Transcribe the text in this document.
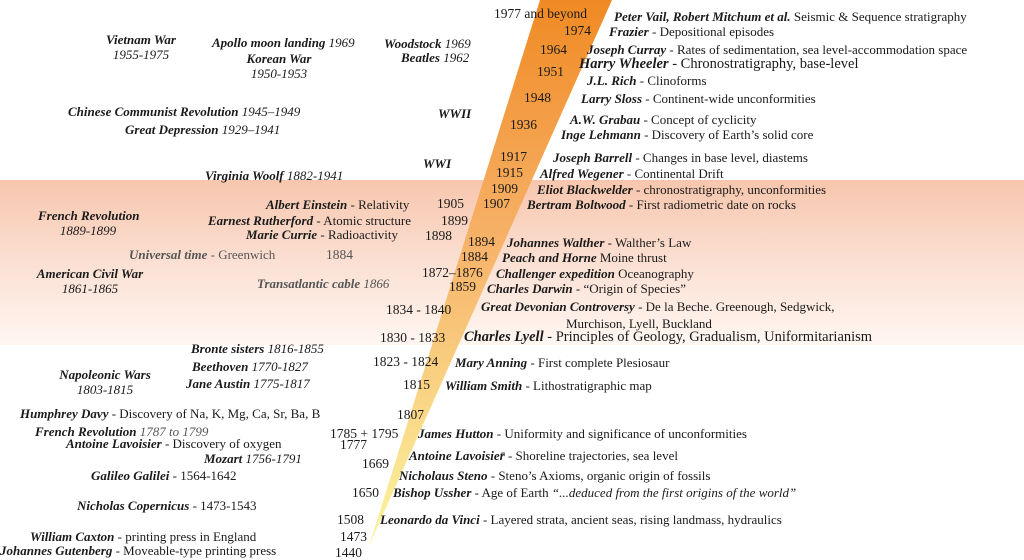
1977 and beyond
1974
1964
1951
1948
1936
1917
1915
1909
1907
1905
1899
1898 1894
1884
1884
1872–1876
1859
1834 - 1840
1830 - 1833
1823 - 1824
1815
1807
1785 + 1795
1777
1669
1650
1508
1473
1440
Peter Vail, Robert Mitchum et al. Seismic & Sequence stratigraphy
Frazier - Depositional episodes
Joseph Curray - Rates of sedimentation, sea level-accommodation space
Harry Wheeler - Chronostratigraphy, base-level
J.L. Rich - Clinoforms
Larry Sloss - Continent-wide unconformities
A.W. Grabau - Concept of cyclicity
Inge Lehmann - Discovery of Earth’s solid core
Joseph Barrell - Changes in base level, diastems
Alfred Wegener - Continental Drift
Eliot Blackwelder - chronostratigraphy, unconformities
Bertram Boltwood - First radiometric date on rocks
Johannes Walther - Walther’s Law
Peach and Horne Moine thrust
Challenger expedition Oceanography
Charles Darwin - “Origin of Species”
Great Devonian Controversy - De la Beche. Greenough, Sedgwick,
Murchison, Lyell, Buckland
Charles Lyell - Principles of Geology, Gradualism, Uniformitarianism
Mary Anning - First complete Plesiosaur
William Smith - Lithostratigraphic map
James Hutton - Uniformity and significance of unconformities
Antoine Lavoisier̄ - Shoreline trajectories, sea level
Nicholaus Steno - Steno’s Axioms, organic origin of fossils
Bishop Ussher - Age of Earth “...deduced from the first origins of the world”
Leonardo da Vinci - Layered strata, ancient seas, rising landmass, hydraulics
Vietnam War
1955-1975
Apollo moon landing 1969
Korean War
1950-1953
Woodstock 1969
Beatles 1962
Chinese Communist Revolution 1945–1949
Great Depression 1929–1941
WWII
WWI
Virginia Woolf 1882-1941
Albert Einstein - Relativity
Earnest Rutherford - Atomic structure
Marie Currie - Radioactivity
French Revolution
1889-1899
Universal time - Greenwich
American Civil War
1861-1865	Transatlantic cable 1866
Bronte sisters 1816-1855
Beethoven 1770-1827
Napoleonic Wars
1803-1815	Jane Austin 1775-1817
Humphrey Davy - Discovery of Na, K, Mg, Ca, Sr, Ba, B
French Revolution 1787 to 1799
Antoine Lavoisier - Discovery of oxygen
Mozart 1756-1791
Galileo Galilei - 1564-1642
Nicholas Copernicus - 1473-1543
William Caxton - printing press in England
Johannes Gutenberg - Moveable-type printing press
